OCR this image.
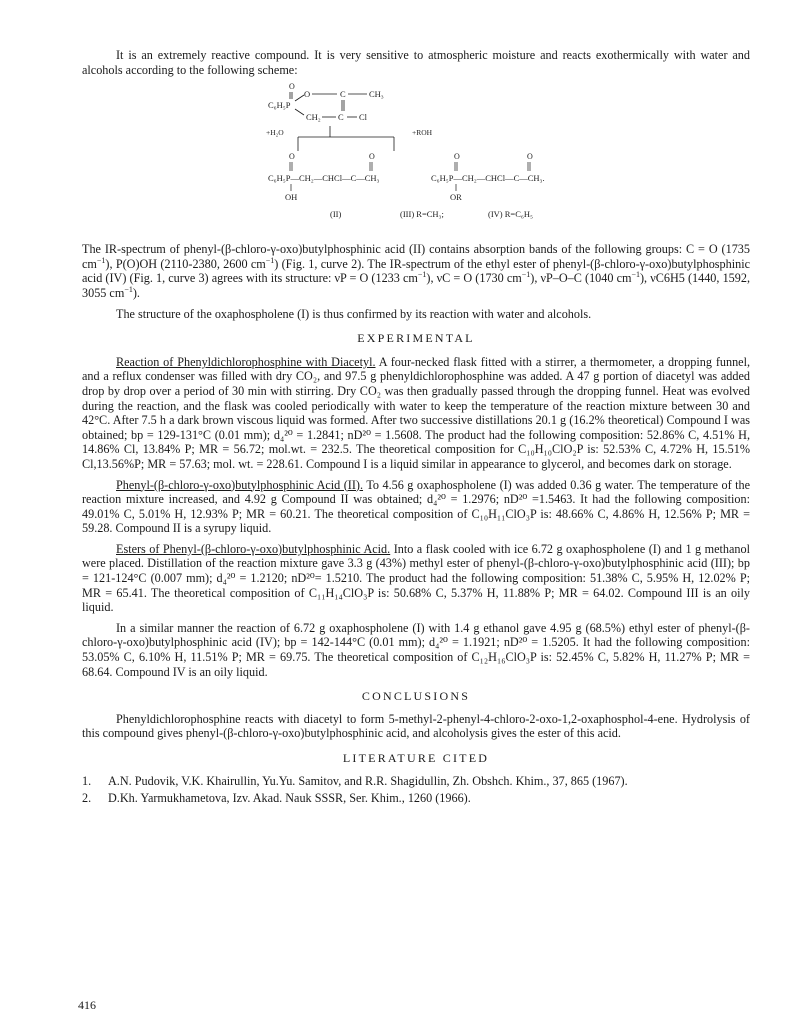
It is an extremely reactive compound. It is very sensitive to atmospheric moisture and reacts exothermically with water and alcohols according to the following scheme:

O
C₆H₅P
O	C	CH₃
CH₂ C Cl
+H₂O	+ROH
O	O	O	O
C₆H₅P—CH₂—CHCl—C—CH₃	C₆H₅P—CH₂—CHCl—C—CH₃.
OH	OR
(II)	(III) R=CH₃;	(IV) R=C₆H₅

The IR-spectrum of phenyl-(β-chloro-γ-oxo)butylphosphinic acid (II) contains absorption bands of the following groups: C = O (1735 $cm^{-1}$), P(O)OH (2110-2380, 2600 $cm^{-1}$) (Fig. 1, curve 2). The IR-spectrum of the ethyl ester of phenyl-(β-chloro-γ-oxo)butylphosphinic acid (IV) (Fig. 1, curve 3) agrees with its structure: νP = O (1233 $cm^{-1}$), νC = O (1730 $cm^{-1}$), νP–O–C (1040 $cm^{-1}$), νC6H5 (1440, 1592, 3055 $cm^{-1}$).

The structure of the oxaphospholene (I) is thus confirmed by its reaction with water and alcohols.

EXPERIMENTAL

Reaction of Phenyldichlorophosphine with Diacetyl. A four-necked flask fitted with a stirrer, a thermometer, a dropping funnel, and a reflux condenser was filled with dry CO₂, and 97.5 g phenyldichlorophosphine was added. A 47 g portion of diacetyl was added drop by drop over a period of 30 min with stirring. Dry CO₂ was then gradually passed through the dropping funnel. Heat was evolved during the reaction, and the flask was cooled periodically with water to keep the temperature of the reaction mixture between 30 and 42°C. After 7.5 h a dark brown viscous liquid was formed. After two successive distillations 20.1 g (16.2% theoretical) Compound I was obtained; bp = 129-131°C (0.01 mm); d₄²⁰ = 1.2841; nD²⁰ = 1.5608. The product had the following composition: 52.86% C, 4.51% H, 14.86% Cl, 13.84% P; MR = 56.72; mol.wt. = 232.5. The theoretical composition for C₁₀H₁₀ClO₂P is: 52.53% C, 4.72% H, 15.51% Cl,13.56%P; MR = 57.63; mol. wt. = 228.61. Compound I is a liquid similar in appearance to glycerol, and becomes dark on storage.

Phenyl-(β-chloro-γ-oxo)butylphosphinic Acid (II). To 4.56 g oxaphospholene (I) was added 0.36 g water. The temperature of the reaction mixture increased, and 4.92 g Compound II was obtained; d₄²⁰ = 1.2976; nD²⁰ =1.5463. It had the following composition: 49.01% C, 5.01% H, 12.93% P; MR = 60.21. The theoretical composition of C₁₀H₁₁ClO₃P is: 48.66% C, 4.86% H, 12.56% P; MR = 59.28. Compound II is a syrupy liquid.

Esters of Phenyl-(β-chloro-γ-oxo)butylphosphinic Acid. Into a flask cooled with ice 6.72 g oxaphospholene (I) and 1 g methanol were placed. Distillation of the reaction mixture gave 3.3 g (43%) methyl ester of phenyl-(β-chloro-γ-oxo)butylphosphinic acid (III); bp = 121-124°C (0.007 mm); d₄²⁰ = 1.2120; nD²⁰= 1.5210. The product had the following composition: 51.38% C, 5.95% H, 12.02% P; MR = 65.41. The theoretical composition of C₁₁H₁₄ClO₃P is: 50.68% C, 5.37% H, 11.88% P; MR = 64.02. Compound III is an oily liquid.

In a similar manner the reaction of 6.72 g oxaphospholene (I) with 1.4 g ethanol gave 4.95 g (68.5%) ethyl ester of phenyl-(β-chloro-γ-oxo)butylphosphinic acid (IV); bp = 142-144°C (0.01 mm); d₄²⁰ = 1.1921; nD²⁰ = 1.5205. It had the following composition: 53.05% C, 6.10% H, 11.51% P; MR = 69.75. The theoretical composition of C₁₂H₁₆ClO₃P is: 52.45% C, 5.82% H, 11.27% P; MR = 68.64. Compound IV is an oily liquid.

CONCLUSIONS

Phenyldichlorophosphine reacts with diacetyl to form 5-methyl-2-phenyl-4-chloro-2-oxo-1,2-oxaphosphol-4-ene. Hydrolysis of this compound gives phenyl-(β-chloro-γ-oxo)butylphosphinic acid, and alcoholysis gives the ester of this acid.

LITERATURE CITED

1.	A.N. Pudovik, V.K. Khairullin, Yu.Yu. Samitov, and R.R. Shagidullin, Zh. Obshch. Khim., 37, 865 (1967).
2.	D.Kh. Yarmukhametova, Izv. Akad. Nauk SSSR, Ser. Khim., 1260 (1966).
416
